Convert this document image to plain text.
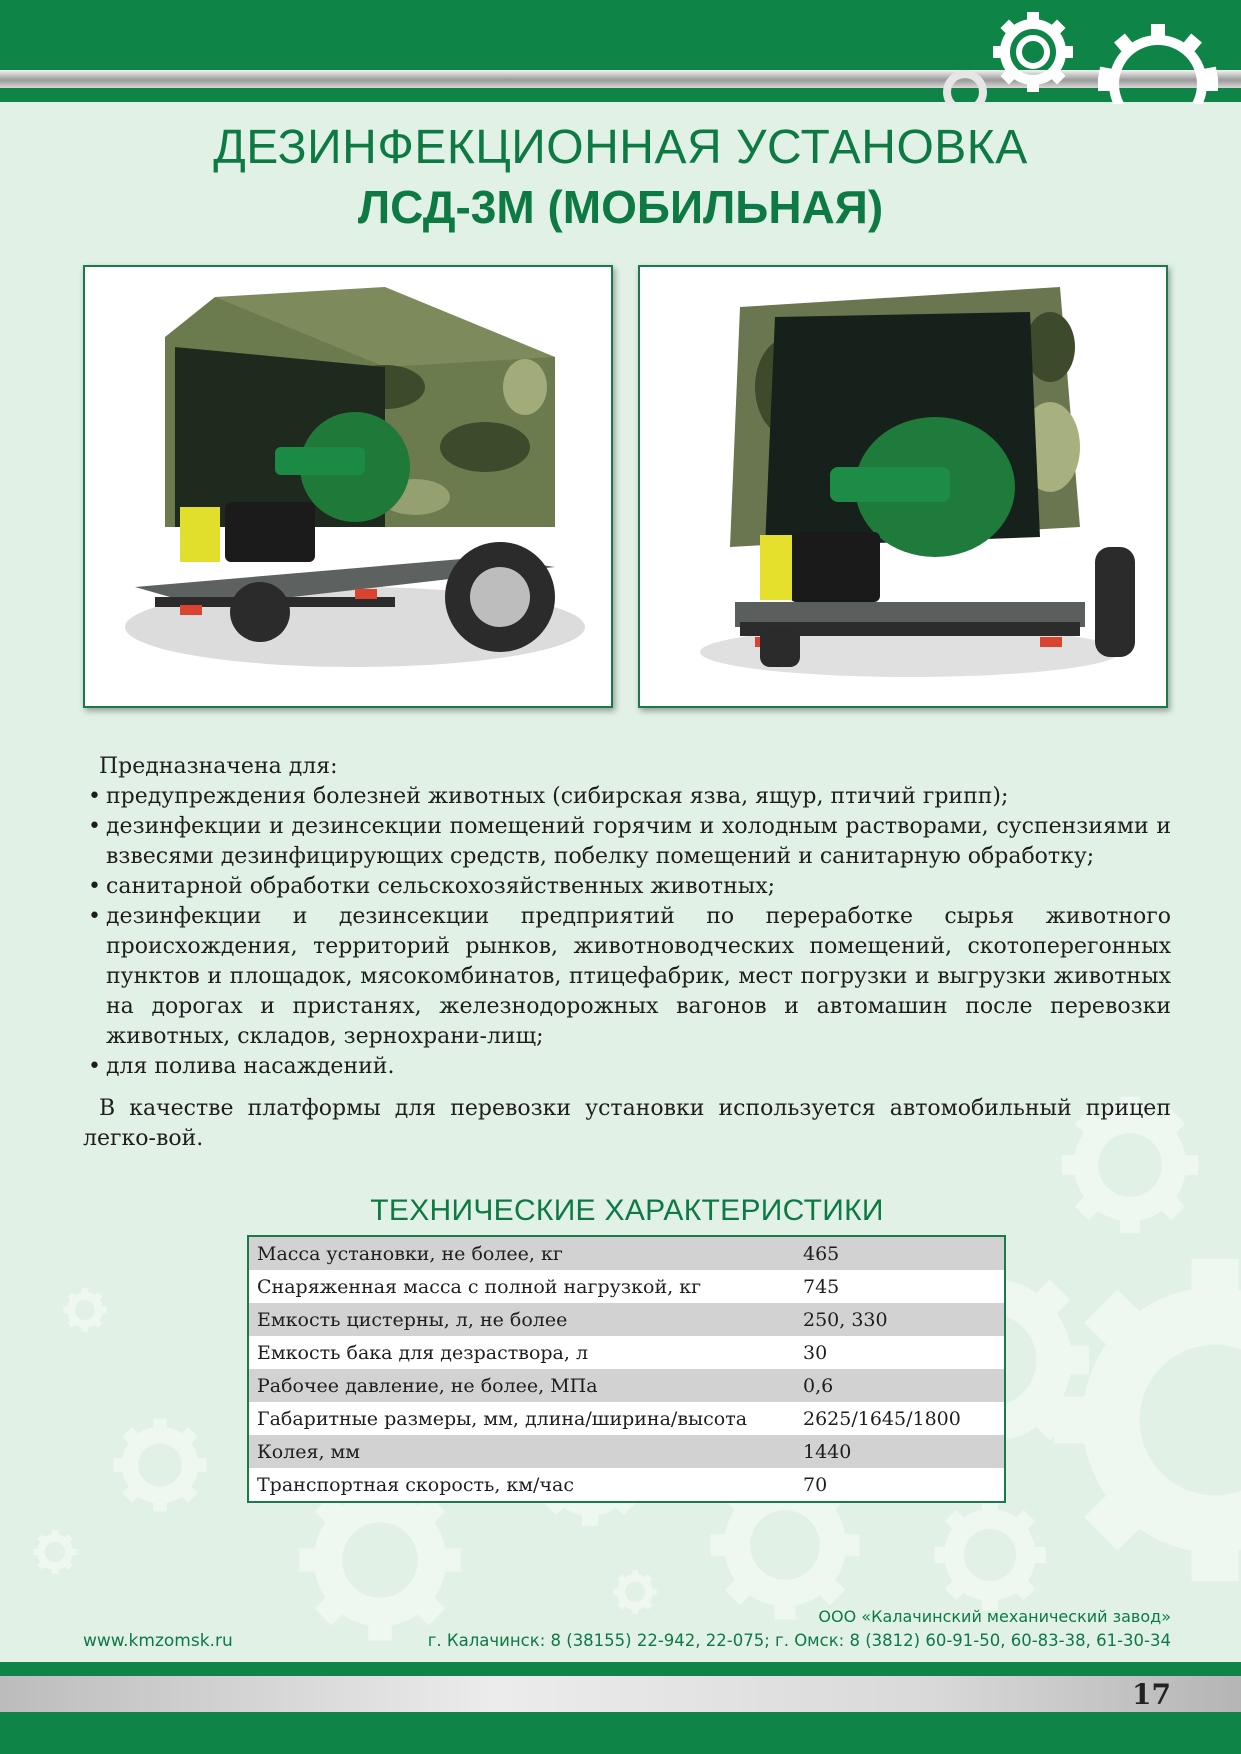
ДЕЗИНФЕКЦИОННАЯ УСТАНОВКА
ЛСД-3М (МОБИЛЬНАЯ)

Предназначена для:

• предупреждения болезней животных (сибирская язва, ящур, птичий грипп);
• дезинфекции и дезинсекции помещений горячим и холодным растворами, суспензиями и взвесями дезинфицирующих средств, побелку помещений и санитарную обработку;
• санитарной обработки сельскохозяйственных животных;
• дезинфекции и дезинсекции предприятий по переработке сырья животного происхождения, территорий рынков, животноводческих помещений, скотоперегонных пунктов и площадок, мясокомбинатов, птицефабрик, мест погрузки и выгрузки животных на дорогах и пристанях, железнодорожных вагонов и автомашин после перевозки животных, складов, зернохрани-лищ;
• для полива насаждений.

В качестве платформы для перевозки установки используется автомобильный прицеп легко-вой.

ТЕХНИЧЕСКИЕ ХАРАКТЕРИСТИКИ
Масса установки, не более, кг	465
Снаряженная масса с полной нагрузкой, кг	745
Емкость цистерны, л, не более	250, 330
Емкость бака для дезраствора, л	30
Рабочее давление, не более, МПа	0,6
Габаритные размеры, мм, длина/ширина/высота	2625/1645/1800
Колея, мм	1440
Транспортная скорость, км/час	70
ООО «Калачинский механический завод»
www.kmzomsk.ru	г. Калачинск: 8 (38155) 22-942, 22-075; г. Омск: 8 (3812) 60-91-50, 60-83-38, 61-30-34
17
